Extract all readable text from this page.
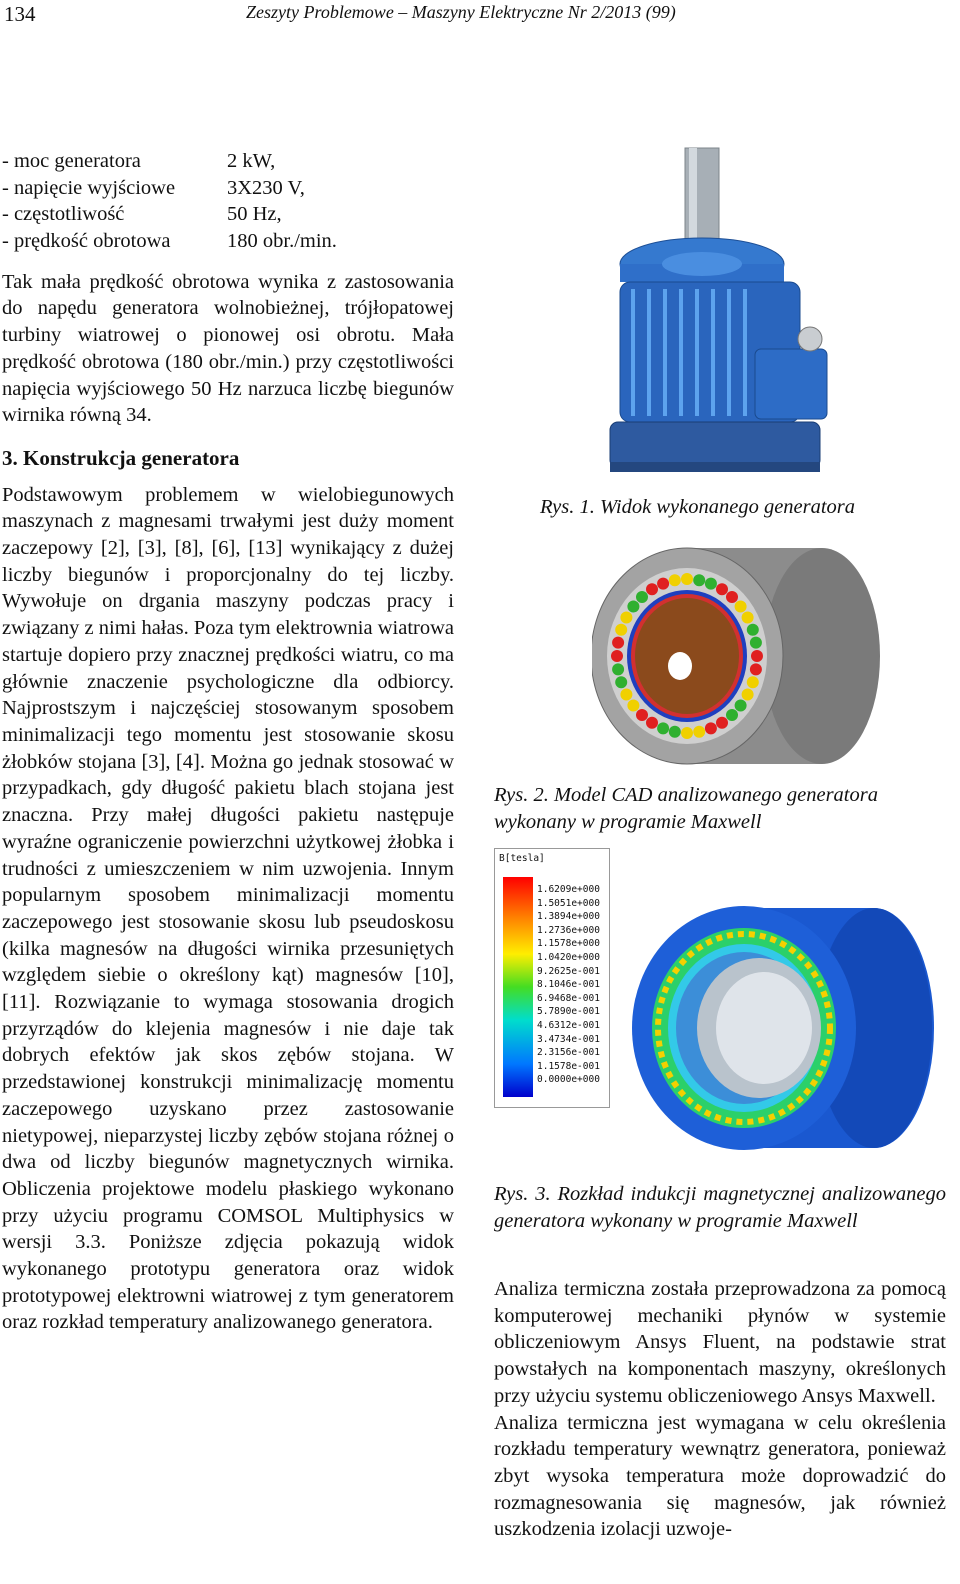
134	Zeszyty Problemowe – Maszyny Elektryczne Nr 2/2013 (99)
- moc generatora	2 kW,
- napięcie wyjściowe	3X230 V,
- częstotliwość	50 Hz,
- prędkość obrotowa	180 obr./min.

Tak mała prędkość obrotowa wynika z zastosowania do napędu generatora wolnobieżnej, trójłopatowej turbiny wiatrowej o pionowej osi obrotu. Mała prędkość obrotowa (180 obr./min.) przy częstotliwości napięcia wyjściowego 50 Hz narzuca liczbę biegunów wirnika równą 34.

3. Konstrukcja generatora

Podstawowym problemem w wielobiegunowych maszynach z magnesami trwałymi jest duży moment zaczepowy [2], [3], [8], [6], [13] wynikający z dużej liczby biegunów i proporcjonalny do tej liczby. Wywołuje on drgania maszyny podczas pracy i związany z nimi hałas. Poza tym elektrownia wiatrowa startuje dopiero przy znacznej prędkości wiatru, co ma głównie znaczenie psychologiczne dla odbiorcy. Najprostszym i najczęściej stosowanym sposobem minimalizacji tego momentu jest stosowanie skosu żłobków stojana [3], [4]. Można go jednak stosować w przypadkach, gdy długość pakietu blach stojana jest znaczna. Przy małej długości pakietu następuje wyraźne ograniczenie powierzchni użytkowej żłobka i trudności z umieszczeniem w nim uzwojenia. Innym popularnym sposobem minimalizacji momentu zaczepowego jest stosowanie skosu lub pseudoskosu (kilka magnesów na długości wirnika przesuniętych względem siebie o określony kąt) magnesów [10], [11]. Rozwiązanie to wymaga stosowania drogich przyrządów do klejenia magnesów i nie daje tak dobrych efektów jak skos zębów stojana. W przedstawionej konstrukcji minimalizację momentu zaczepowego uzyskano przez zastosowanie nietypowej, nieparzystej liczby zębów stojana różnej o dwa od liczby biegunów magnetycznych wirnika. Obliczenia projektowe modelu płaskiego wykonano przy użyciu programu COMSOL Multiphysics w wersji 3.3. Poniższe zdjęcia pokazują widok wykonanego prototypu generatora oraz widok prototypowej elektrowni wiatrowej z tym generatorem oraz rozkład temperatury analizowanego generatora.

Rys. 1. Widok wykonanego generatora
Rys. 2. Model CAD analizowanego generatora wykonany w programie Maxwell
B[tesla]
1.6209e+000
1.5051e+000
1.3894e+000
1.2736e+000
1.1578e+000
1.0420e+000
9.2625e-001
8.1046e-001
6.9468e-001
5.7890e-001
4.6312e-001
3.4734e-001
2.3156e-001
1.1578e-001
0.0000e+000
Rys. 3. Rozkład indukcji magnetycznej analizowanego generatora wykonany w programie Maxwell
Analiza termiczna została przeprowadzona za pomocą komputerowej mechaniki płynów w systemie obliczeniowym Ansys Fluent, na podstawie strat powstałych na komponentach maszyny, określonych przy użyciu systemu obliczeniowego Ansys Maxwell.
Analiza termiczna jest wymagana w celu określenia rozkładu temperatury wewnątrz generatora, ponieważ zbyt wysoka temperatura może doprowadzić do rozmagnesowania się magnesów, jak również uszkodzenia izolacji uzwoje-
